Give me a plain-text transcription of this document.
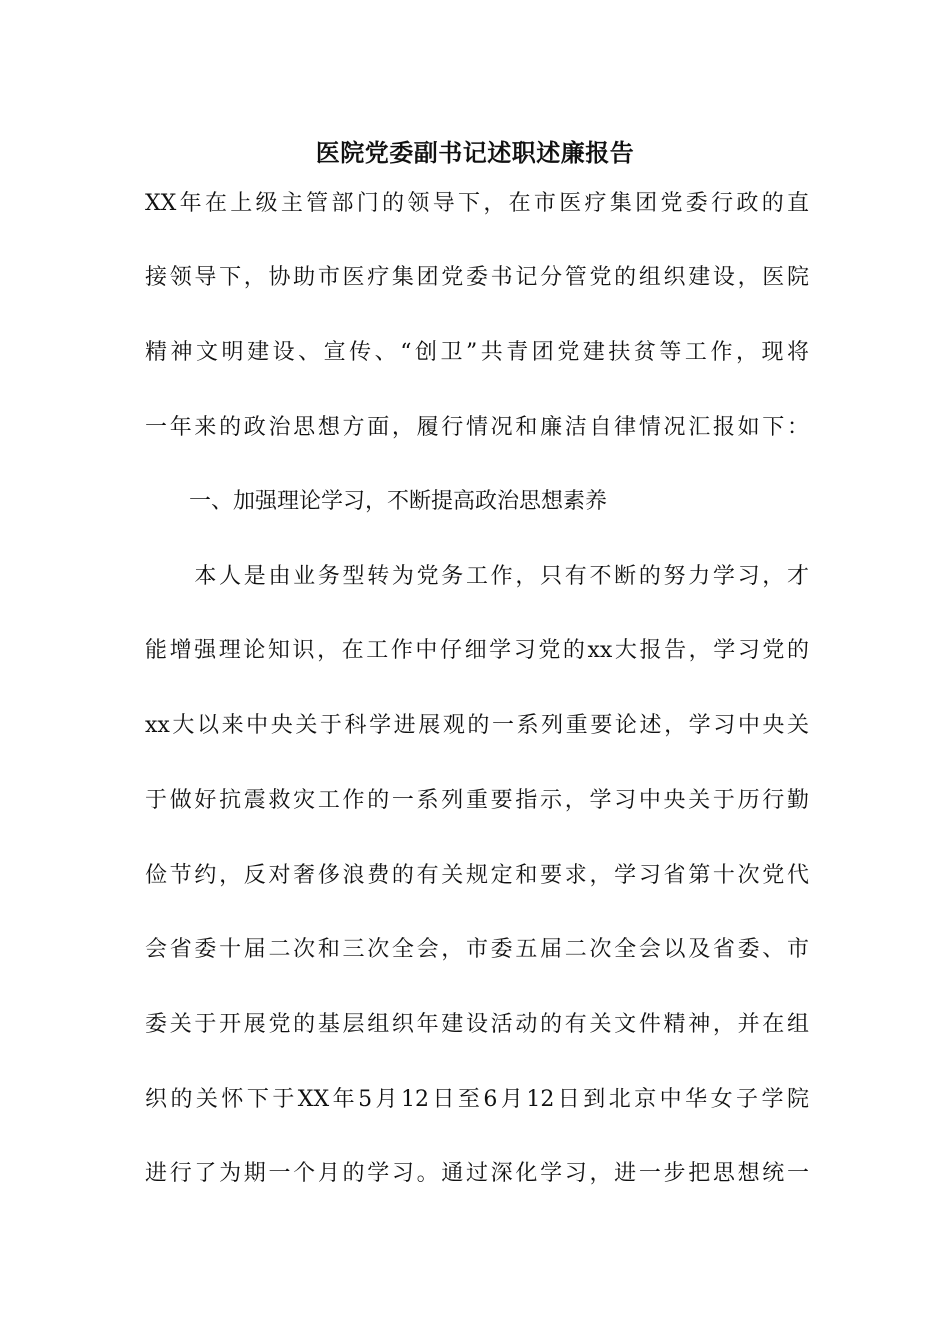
医院党委副书记述职述廉报告
XX年在上级主管部门的领导下，在市医疗集团党委行政的直
接领导下，协助市医疗集团党委书记分管党的组织建设，医院
精神文明建设、宣传、“创卫”共青团党建扶贫等工作，现将
一年来的政治思想方面，履行情况和廉洁自律情况汇报如下：
　　一、加强理论学习，不断提高政治思想素养
　　本人是由业务型转为党务工作，只有不断的努力学习，才
能增强理论知识，在工作中仔细学习党的xx大报告，学习党的
xx大以来中央关于科学进展观的一系列重要论述，学习中央关
于做好抗震救灾工作的一系列重要指示，学习中央关于历行勤
俭节约，反对奢侈浪费的有关规定和要求，学习省第十次党代
会省委十届二次和三次全会，市委五届二次全会以及省委、市
委关于开展党的基层组织年建设活动的有关文件精神，并在组
织的关怀下于XX年5月12日至6月12日到北京中华女子学院
进行了为期一个月的学习。通过深化学习，进一步把思想统一
